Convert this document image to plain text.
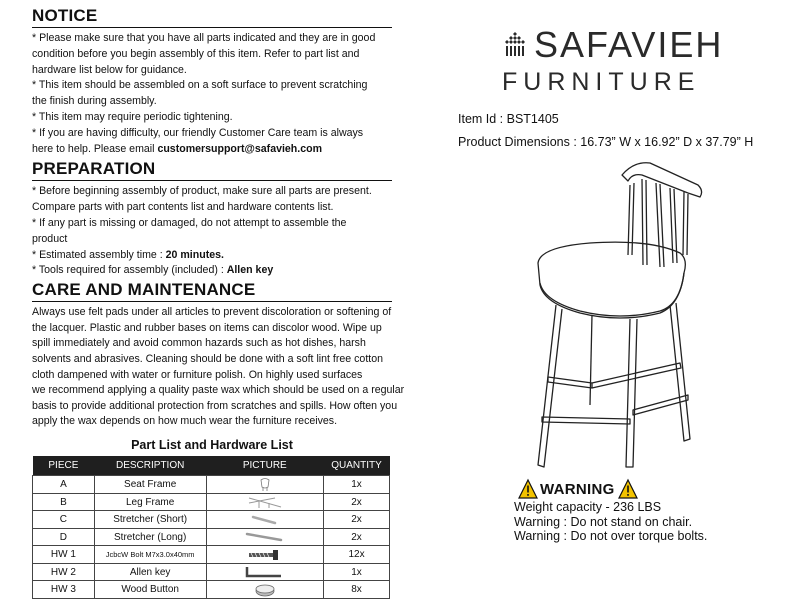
NOTICE
* Please make sure that you have all parts indicated and they are in good
condition before you begin assembly of this item. Refer to part list and
hardware list below for guidance.
* This item should be assembled on a soft surface to prevent scratching
the finish during assembly.
* This item may require periodic tightening.
* If you are having difficulty, our friendly Customer Care team is always
here to help. Please email customersupport@safavieh.com
PREPARATION
* Before beginning assembly of product, make sure all parts are present.
Compare parts with part contents list and hardware contents list.
* If any part is missing or damaged, do not attempt to assemble the
product
* Estimated assembly time : 20 minutes.
* Tools required for assembly (included) : Allen key
CARE AND MAINTENANCE
Always use felt pads under all articles to prevent discoloration or softening of
the lacquer. Plastic and rubber bases on items can discolor wood. Wipe up
spill immediately and avoid common hazards such as hot dishes, harsh
solvents and abrasives. Cleaning should be done with a soft lint free cotton
cloth dampened with water or furniture polish. On highly used surfaces
we recommend applying a quality paste wax which should be used on a regular
basis to provide additional protection from scratches and spills. How often you
apply the wax depends on how much wear the furniture receives.
Part List and Hardware List
PIECE	DESCRIPTION	PICTURE	QUANTITY
A	Seat Frame		1x
B	Leg Frame		2x
C	Stretcher (Short)		2x
D	Stretcher (Long)		2x
HW 1	JcbcW Bolt M7x3.0x40mm		12x
HW 2	Allen key		1x
HW 3	Wood Button		8x
SAFAVIEH
FURNITURE
Item Id : BST1405
Product Dimensions : 16.73” W x 16.92” D x 37.79” H
WARNING
Weight capacity - 236 LBS
Warning : Do not stand on chair.
Warning : Do not over torque bolts.
